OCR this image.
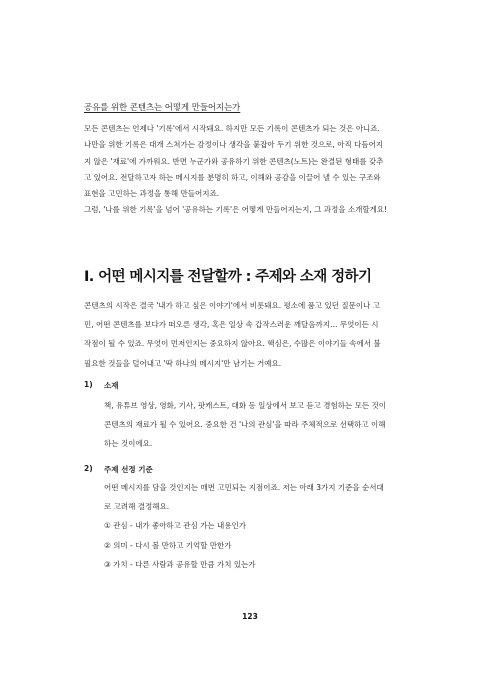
공유를 위한 콘텐츠는 어떻게 만들어지는가

모든 콘텐츠는 언제나 '기록'에서 시작돼요. 하지만 모든 기록이 콘텐츠가 되는 것은 아니죠.

나만을 위한 기록은 대개 스쳐가는 감정이나 생각을 붙잡아 두기 위한 것으로, 아직 다듬어지

지 않은 '재료'에 가까워요. 반면 누군가와 공유하기 위한 콘텐츠(노트)는 완결된 형태를 갖추

고 있어요. 전달하고자 하는 메시지를 분명히 하고, 이해와 공감을 이끌어 낼 수 있는 구조와

표현을 고민하는 과정을 통해 만들어지죠.

그럼, '나를 위한 기록'을 넘어 '공유하는 기록'은 어떻게 만들어지는지, 그 과정을 소개할게요!

I. 어떤 메시지를 전달할까 : 주제와 소재 정하기

콘텐츠의 시작은 결국 '내가 하고 싶은 이야기'에서 비롯돼요. 평소에 품고 있던 질문이나 고

민, 어떤 콘텐츠를 보다가 떠오른 생각, 혹은 일상 속 갑작스러운 깨달음까지… 무엇이든 시

작점이 될 수 있죠. 무엇이 먼저인지는 중요하지 않아요. 핵심은, 수많은 이야기들 속에서 불

필요한 것들을 덜어내고 '딱 하나의 메시지'만 남기는 거예요.

1) 소재

책, 유튜브 영상, 영화, 기사, 팟캐스트, 대화 등 일상에서 보고 듣고 경험하는 모든 것이

콘텐츠의 재료가 될 수 있어요. 중요한 건 '나의 관심'을 따라 주체적으로 선택하고 이해

하는 것이에요.

2) 주제 선정 기준

어떤 메시지를 담을 것인지는 매번 고민되는 지점이죠. 저는 아래 3가지 기준을 순서대

로 고려해 결정해요.

① 관심 - 내가 좋아하고 관심 가는 내용인가

② 의미 - 다시 볼 만하고 기억할 만한가

③ 가치 - 다른 사람과 공유할 만큼 가치 있는가

123
